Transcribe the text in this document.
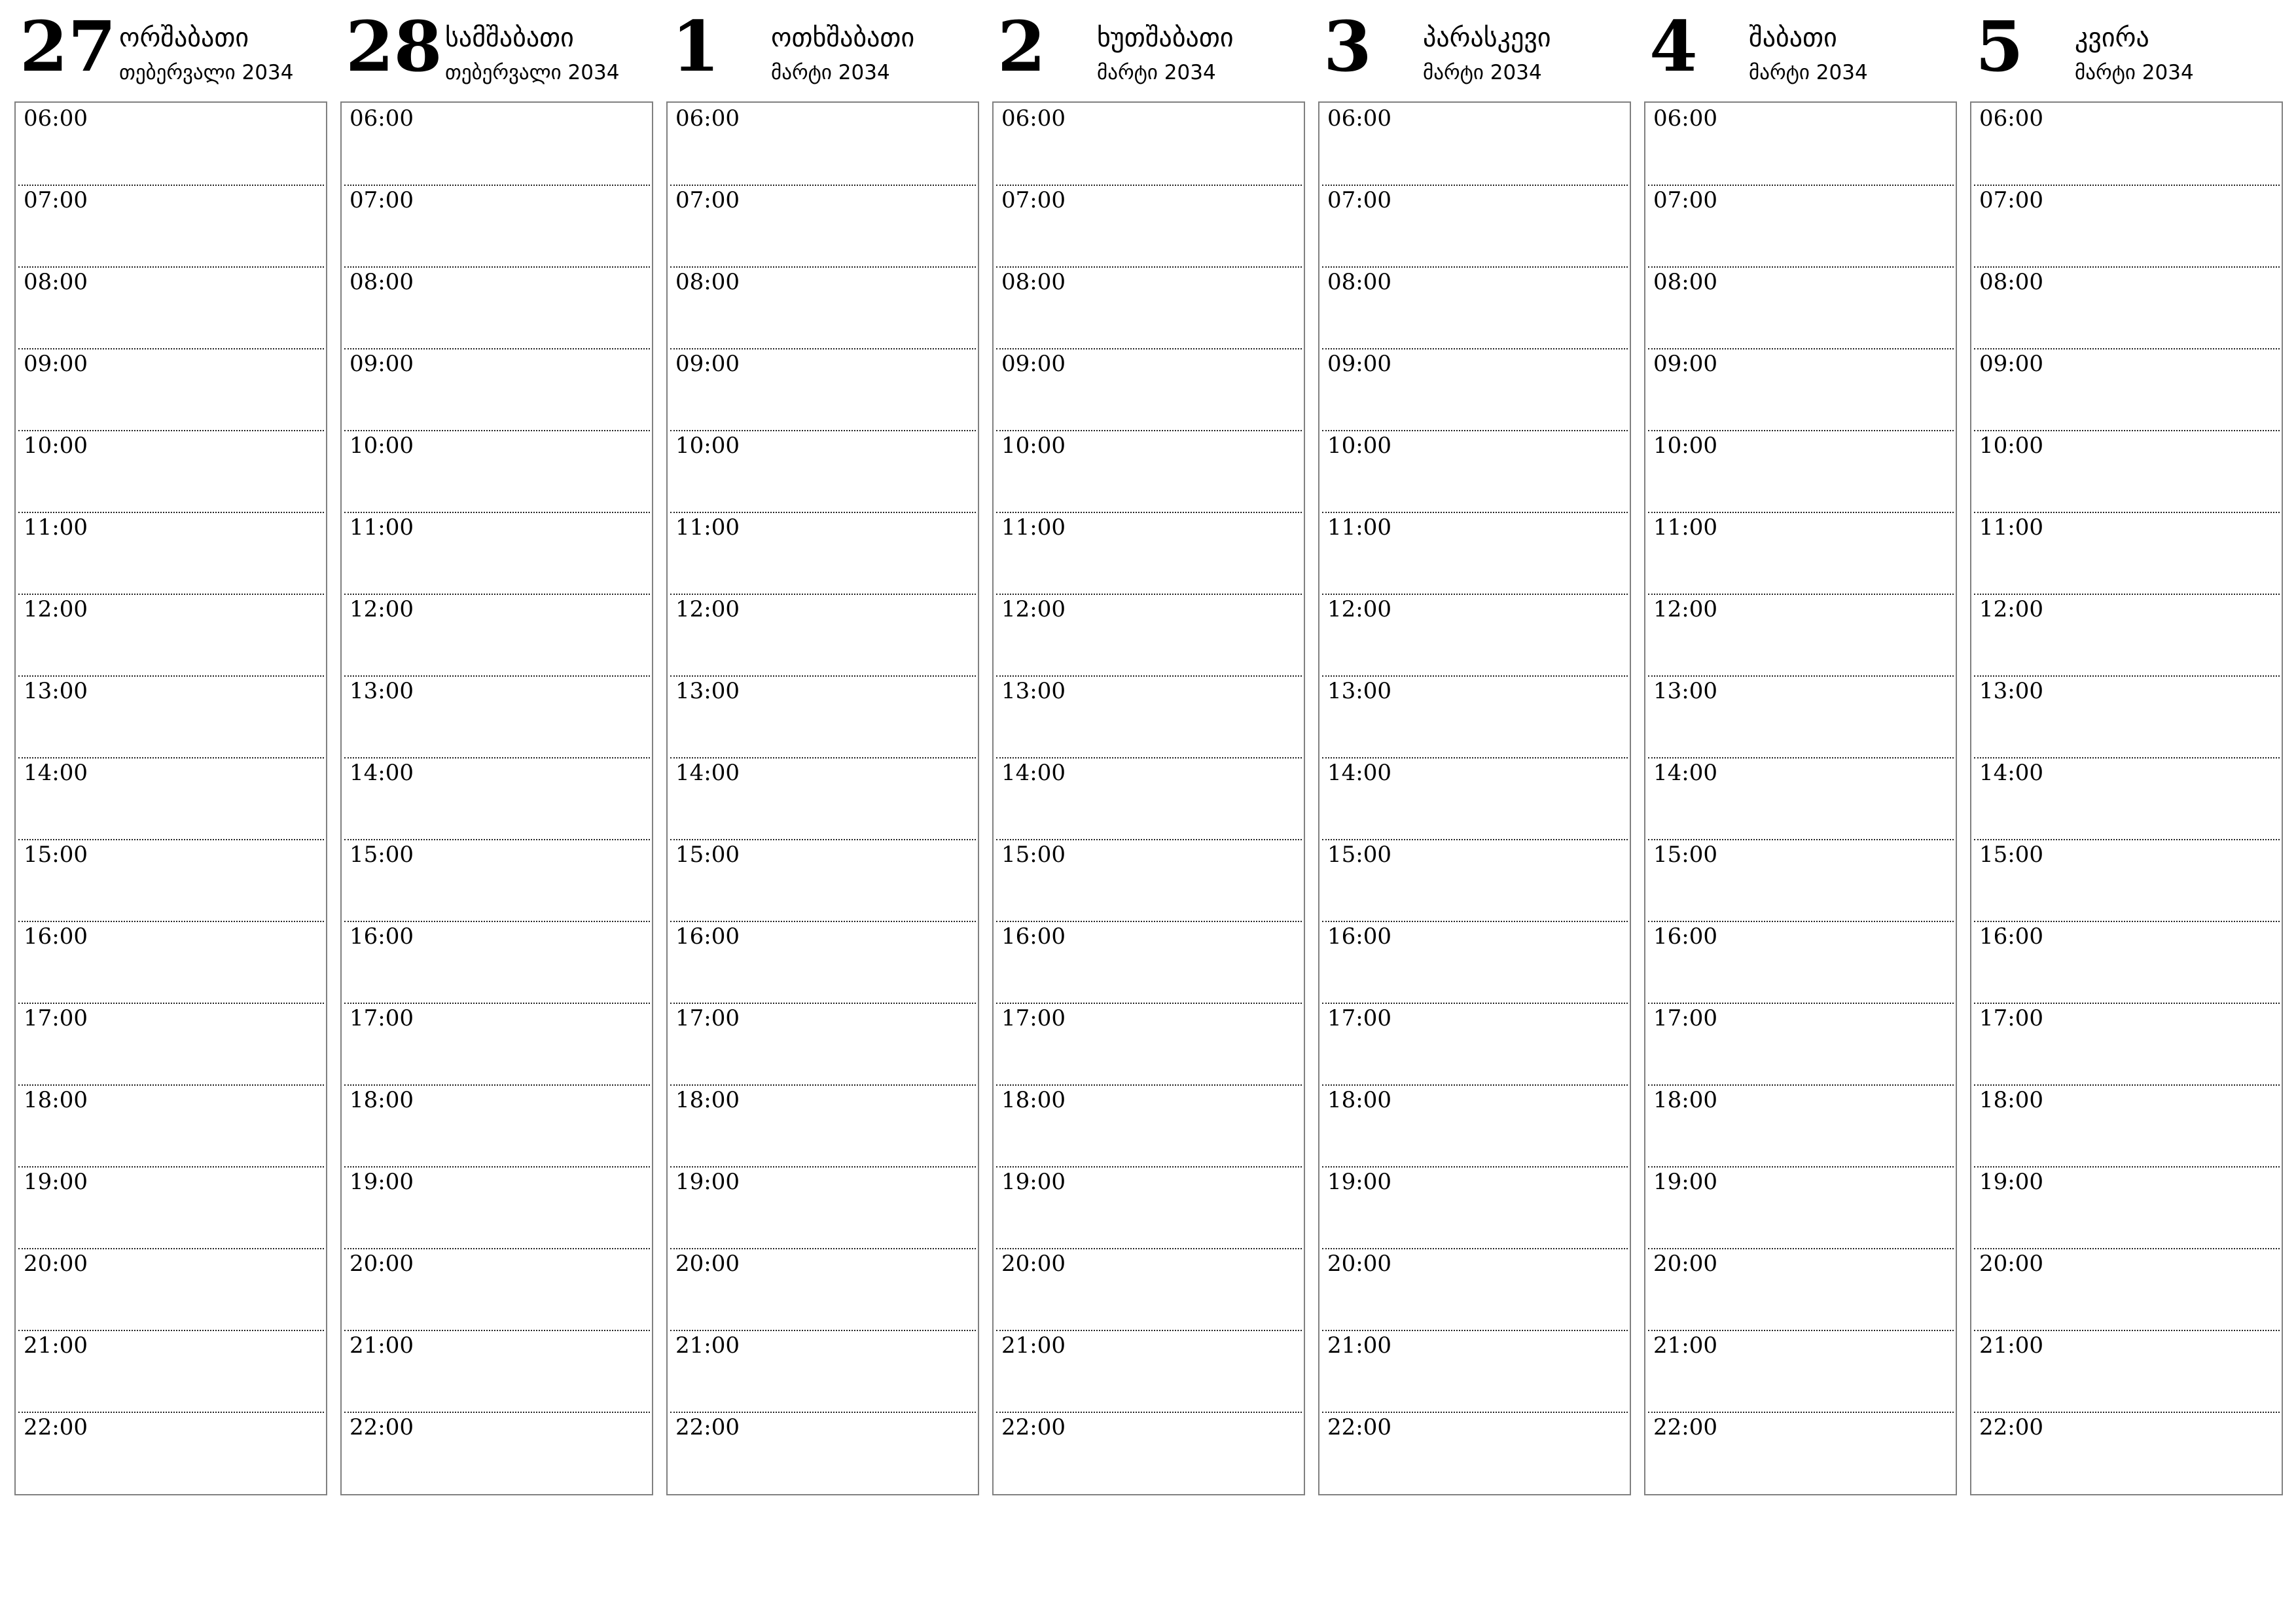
27 ორშაბათი
თებერვალი 2034
06:00
07:00
08:00
09:00
10:00
11:00
12:00
13:00
14:00
15:00
16:00
17:00
18:00
19:00
20:00
21:00
22:00
28 სამშაბათი
თებერვალი 2034
06:00
07:00
08:00
09:00
10:00
11:00
12:00
13:00
14:00
15:00
16:00
17:00
18:00
19:00
20:00
21:00
22:00
1 ოთხშაბათი
მარტი 2034
06:00
07:00
08:00
09:00
10:00
11:00
12:00
13:00
14:00
15:00
16:00
17:00
18:00
19:00
20:00
21:00
22:00
2 ხუთშაბათი
მარტი 2034
06:00
07:00
08:00
09:00
10:00
11:00
12:00
13:00
14:00
15:00
16:00
17:00
18:00
19:00
20:00
21:00
22:00
3 პარასკევი
მარტი 2034
06:00
07:00
08:00
09:00
10:00
11:00
12:00
13:00
14:00
15:00
16:00
17:00
18:00
19:00
20:00
21:00
22:00
4 შაბათი
მარტი 2034
06:00
07:00
08:00
09:00
10:00
11:00
12:00
13:00
14:00
15:00
16:00
17:00
18:00
19:00
20:00
21:00
22:00
5 კვირა
მარტი 2034
06:00
07:00
08:00
09:00
10:00
11:00
12:00
13:00
14:00
15:00
16:00
17:00
18:00
19:00
20:00
21:00
22:00
